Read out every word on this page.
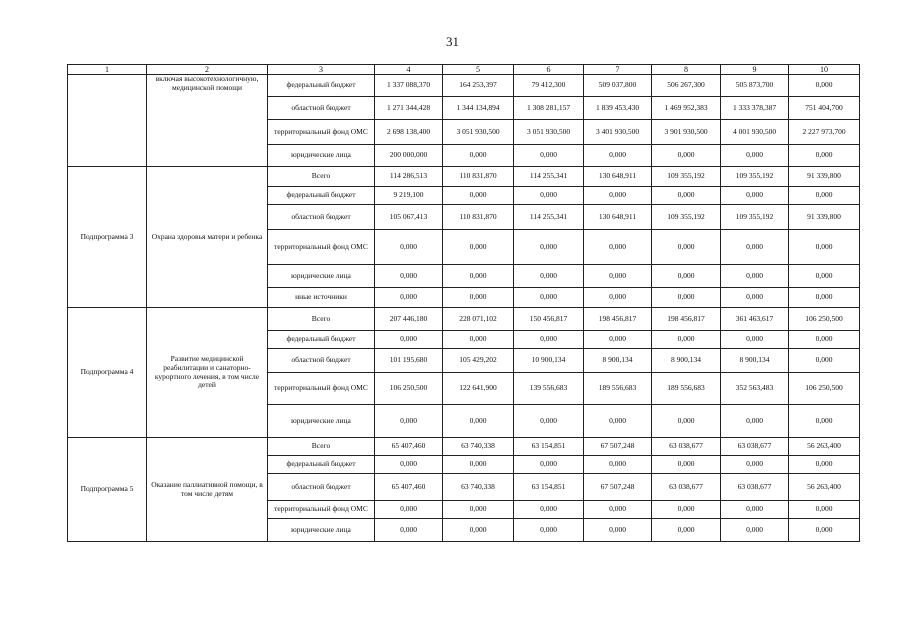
31
1	2	3	4	5	6	7	8	9	10
	включая высокотехнологичную, медицинской помощи	федеральный бюджет	1 337 088,370	164 253,397	79 412,300	509 037,800	506 267,300	505 873,700	0,000
		областной бюджет	1 271 344,428	1 344 134,894	1 308 281,157	1 839 453,430	1 469 952,383	1 333 378,387	751 404,700
		территориальный фонд ОМС	2 698 138,400	3 051 930,500	3 051 930,500	3 401 930,500	3 901 930,500	4 001 930,500	2 227 973,700
		юридические лица	200 000,000	0,000	0,000	0,000	0,000	0,000	0,000
Подпрограмма 3	Охрана здоровья матери и ребенка	Всего	114 286,513	110 831,870	114 255,341	130 648,911	109 355,192	109 355,192	91 339,800
		федеральный бюджет	9 219,100	0,000	0,000	0,000	0,000	0,000	0,000
		областной бюджет	105 067,413	110 831,870	114 255,341	130 648,911	109 355,192	109 355,192	91 339,800
		территориальный фонд ОМС	0,000	0,000	0,000	0,000	0,000	0,000	0,000
		юридические лица	0,000	0,000	0,000	0,000	0,000	0,000	0,000
		иные источники	0,000	0,000	0,000	0,000	0,000	0,000	0,000
Подпрограмма 4	Развитие медицинской реабилитации и санаторно-курортного лечения, в том числе детей	Всего	207 446,180	228 071,102	150 456,817	198 456,817	198 456,817	361 463,617	106 250,500
		федеральный бюджет	0,000	0,000	0,000	0,000	0,000	0,000	0,000
		областной бюджет	101 195,680	105 429,202	10 900,134	8 900,134	8 900,134	8 900,134	0,000
		территориальный фонд ОМС	106 250,500	122 641,900	139 556,683	189 556,683	189 556,683	352 563,483	106 250,500
		юридические лица	0,000	0,000	0,000	0,000	0,000	0,000	0,000
Подпрограмма 5	Оказание паллиативной помощи, в том числе детям	Всего	65 407,460	63 740,338	63 154,851	67 507,248	63 038,677	63 038,677	56 263,400
		федеральный бюджет	0,000	0,000	0,000	0,000	0,000	0,000	0,000
		областной бюджет	65 407,460	63 740,338	63 154,851	67 507,248	63 038,677	63 038,677	56 263,400
		территориальный фонд ОМС	0,000	0,000	0,000	0,000	0,000	0,000	0,000
		юридические лица	0,000	0,000	0,000	0,000	0,000	0,000	0,000
